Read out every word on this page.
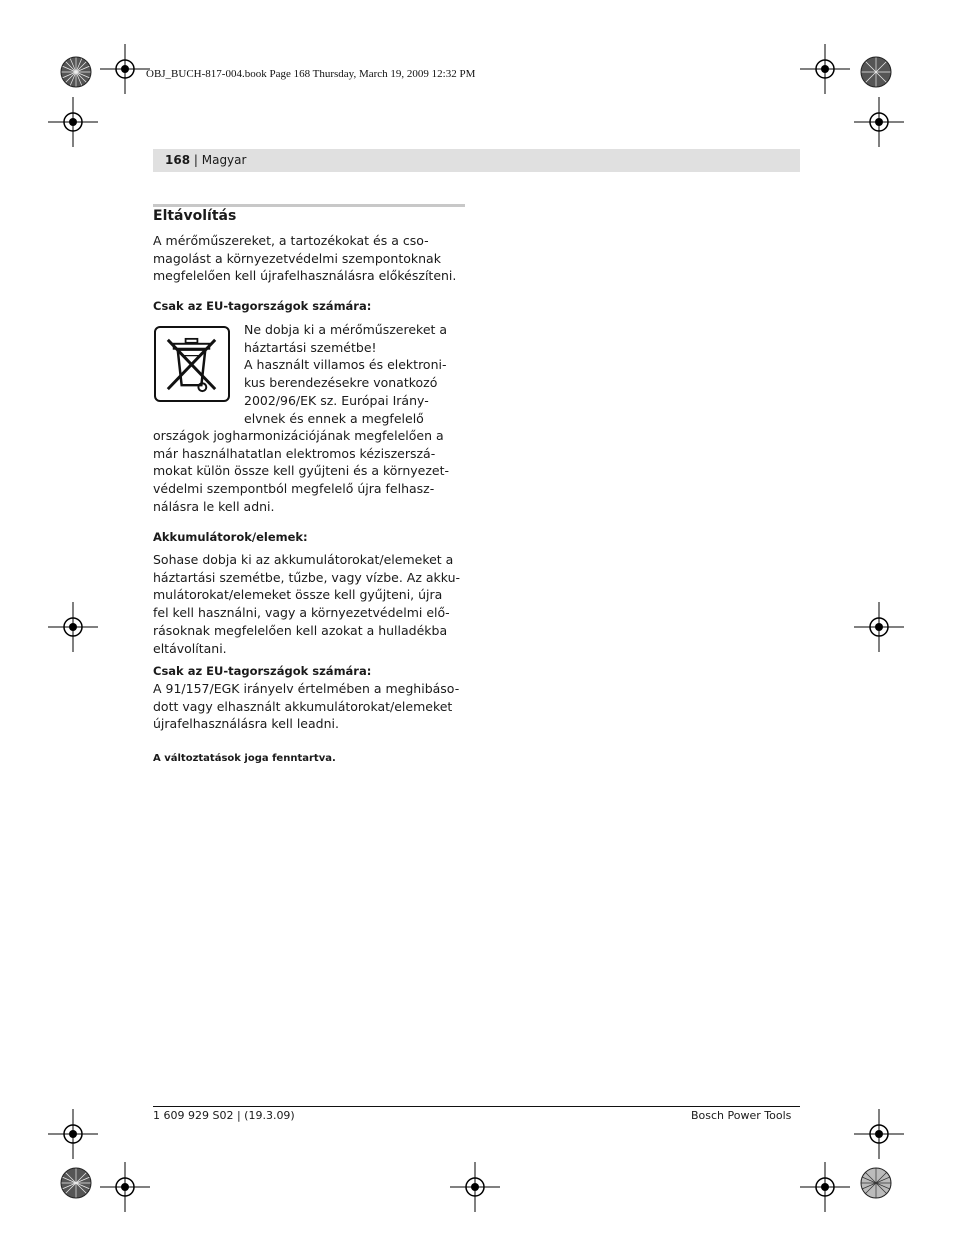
OBJ_BUCH-817-004.book Page 168 Thursday, March 19, 2009 12:32 PM
168 | Magyar
Eltávolítás
A mérőműszereket, a tartozékokat és a cso-
magolást a környezetvédelmi szempontoknak
megfelelően kell újrafelhasználásra előkészíteni.
Csak az EU-tagországok számára:
Ne dobja ki a mérőműszereket a
háztartási szemétbe!
A használt villamos és elektroni-
kus berendezésekre vonatkozó
2002/96/EK sz. Európai Irány-
elvnek és ennek a megfelelő
országok jogharmonizációjának megfelelően a
már használhatatlan elektromos kéziszerszá-
mokat külön össze kell gyűjteni és a környezet-
védelmi szempontból megfelelő újra felhasz-
nálásra le kell adni.
Akkumulátorok/elemek:
Sohase dobja ki az akkumulátorokat/elemeket a
háztartási szemétbe, tűzbe, vagy vízbe. Az akku-
mulátorokat/elemeket össze kell gyűjteni, újra
fel kell használni, vagy a környezetvédelmi elő-
rásoknak megfelelően kell azokat a hulladékba
eltávolítani.
Csak az EU-tagországok számára:
A 91/157/EGK irányelv értelmében a meghibáso-
dott vagy elhasznált akkumulátorokat/elemeket
újrafelhasználásra kell leadni.
A változtatások joga fenntartva.
1 609 929 S02 | (19.3.09)	Bosch Power Tools
